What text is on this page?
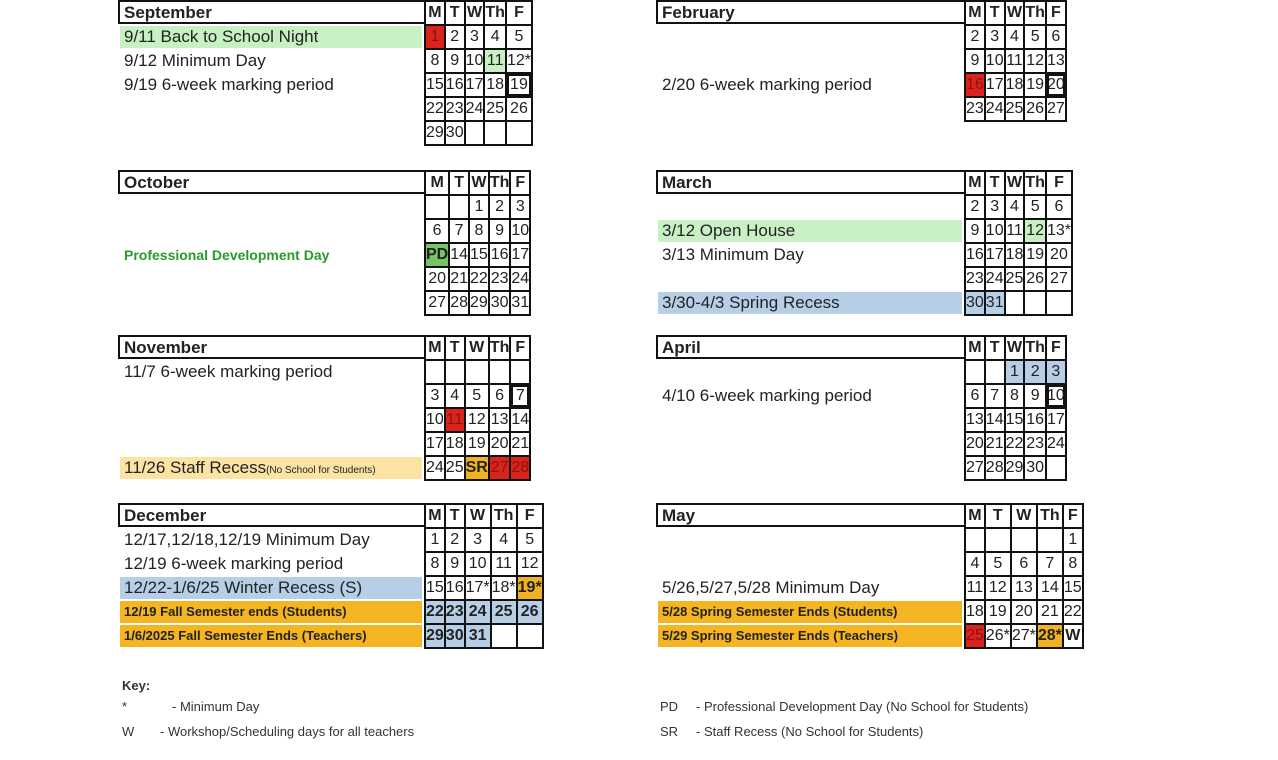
September	M	T	W	Th	F
1	2	3	4	5
8	9	10	11	12*
15	16	17	18	19
22	23	24	25	26
29	30			
9/11 Back to School Night
9/12 Minimum Day
9/19 6-week marking period
October	M	T	W	Th	F
		1	2	3
6	7	8	9	10
PD	14	15	16	17
20	21	22	23	24
27	28	29	30	31
Professional Development Day
November	M	T	W	Th	F

3	4	5	6	7
10	11	12	13	14
17	18	19	20	21
24	25	SR	27	28
11/7 6-week marking period
11/26 Staff Recess(No School for Students)
December	M	T	W	Th	F
1	2	3	4	5
8	9	10	11	12
15	16	17*	18*	19*
22	23	24	25	26
29	30	31		
12/17,12/18,12/19 Minimum Day
12/19 6-week marking period
12/22-1/6/25 Winter Recess (S)
12/19 Fall Semester ends (Students)
1/6/2025 Fall Semester Ends (Teachers)
February	M	T	W	Th	F
2	3	4	5	6
9	10	11	12	13
16	17	18	19	20
23	24	25	26	27
2/20 6-week marking period
March	M	T	W	Th	F
2	3	4	5	6
9	10	11	12	13*
16	17	18	19	20
23	24	25	26	27
30	31			
3/12 Open House
3/13 Minimum Day
3/30-4/3 Spring Recess
April	M	T	W	Th	F
		1	2	3
6	7	8	9	10
13	14	15	16	17
20	21	22	23	24
27	28	29	30	
4/10 6-week marking period
May	M	T	W	Th	F
				1
4	5	6	7	8
11	12	13	14	15
18	19	20	21	22
25	26*	27*	28*	W
5/26,5/27,5/28 Minimum Day
5/28 Spring Semester Ends (Students)
5/29 Spring Semester Ends (Teachers)
Key:
*	- Minimum Day
W - Workshop/Scheduling days for all teachers
PD - Professional Development Day (No School for Students)
SR - Staff Recess (No School for Students)
